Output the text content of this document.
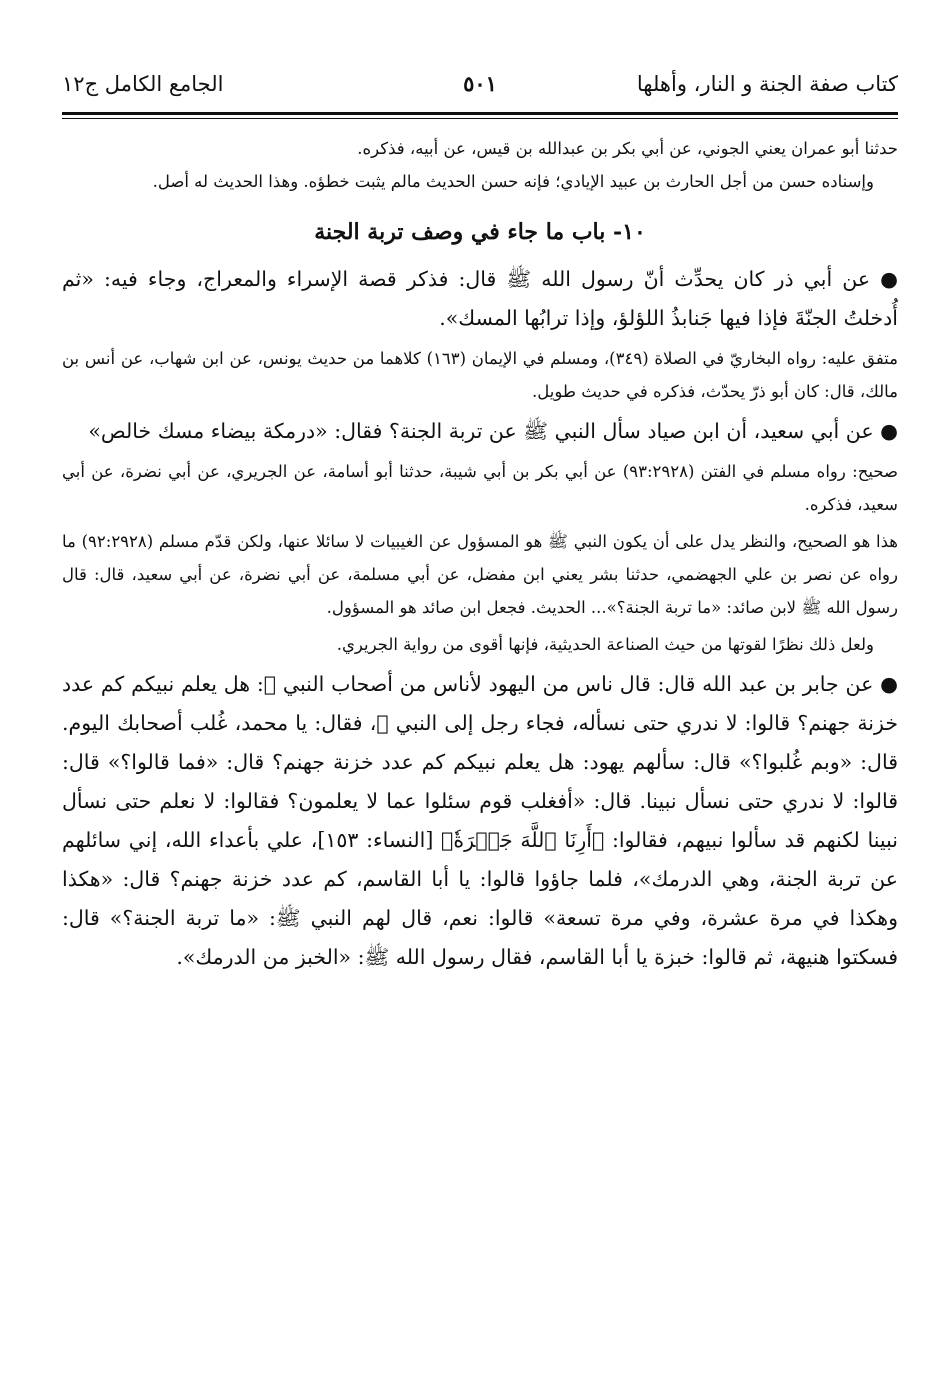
كتاب صفة الجنة و النار، وأهلها
٥٠١
الجامع الكامل ج١٢

حدثنا أبو عمران يعني الجوني، عن أبي بكر بن عبدالله بن قيس، عن أبيه، فذكره.

وإسناده حسن من أجل الحارث بن عبيد الإيادي؛ فإنه حسن الحديث مالم يثبت خطؤه. وهذا الحديث له أصل.

١٠- باب ما جاء في وصف تربة الجنة

● عن أبي ذر كان يحدِّث أنّ رسول الله ﷺ قال: فذكر قصة الإسراء والمعراج، وجاء فيه: «ثم أُدخلتُ الجنّةَ فإذا فيها جَنابذُ اللؤلؤ، وإذا ترابُها المسك».

متفق عليه: رواه البخاريّ في الصلاة (٣٤٩)، ومسلم في الإيمان (١٦٣) كلاهما من حديث يونس، عن ابن شهاب، عن أنس بن مالك، قال: كان أبو ذرّ يحدّث، فذكره في حديث طويل.

● عن أبي سعيد، أن ابن صياد سأل النبي ﷺ عن تربة الجنة؟ فقال: «درمكة بيضاء مسك خالص»

صحيح: رواه مسلم في الفتن (٩٣:٢٩٢٨) عن أبي بكر بن أبي شيبة، حدثنا أبو أسامة، عن الجريري، عن أبي نضرة، عن أبي سعيد، فذكره.

هذا هو الصحيح، والنظر يدل على أن يكون النبي ﷺ هو المسؤول عن الغيبيات لا سائلا عنها، ولكن قدّم مسلم (٩٢:٢٩٢٨) ما رواه عن نصر بن علي الجهضمي، حدثنا بشر يعني ابن مفضل، عن أبي مسلمة، عن أبي نضرة، عن أبي سعيد، قال: قال رسول الله ﷺ لابن صائد: «ما تربة الجنة؟»... الحديث. فجعل ابن صائد هو المسؤول.

ولعل ذلك نظرًا لقوتها من حيث الصناعة الحديثية، فإنها أقوى من رواية الجريري.

● عن جابر بن عبد الله قال: قال ناس من اليهود لأناس من أصحاب النبي ﷺ: هل يعلم نبيكم كم عدد خزنة جهنم؟ قالوا: لا ندري حتى نسأله، فجاء رجل إلى النبي ﷺ، فقال: يا محمد، غُلب أصحابك اليوم. قال: «وبم غُلبوا؟» قال: سألهم يهود: هل يعلم نبيكم كم عدد خزنة جهنم؟ قال: «فما قالوا؟» قال: قالوا: لا ندري حتى نسأل نبينا. قال: «أفغلب قوم سئلوا عما لا يعلمون؟ فقالوا: لا نعلم حتى نسأل نبينا لكنهم قد سألوا نبيهم، فقالوا: ﴿أَرِنَا ٱللَّهَ جَهۡرَةٗ﴾ [النساء: ١٥٣]، علي بأعداء الله، إني سائلهم عن تربة الجنة، وهي الدرمك»، فلما جاؤوا قالوا: يا أبا القاسم، كم عدد خزنة جهنم؟ قال: «هكذا وهكذا في مرة عشرة، وفي مرة تسعة» قالوا: نعم، قال لهم النبي ﷺ: «ما تربة الجنة؟» قال: فسكتوا هنيهة، ثم قالوا: خبزة يا أبا القاسم، فقال رسول الله ﷺ: «الخبز من الدرمك».
